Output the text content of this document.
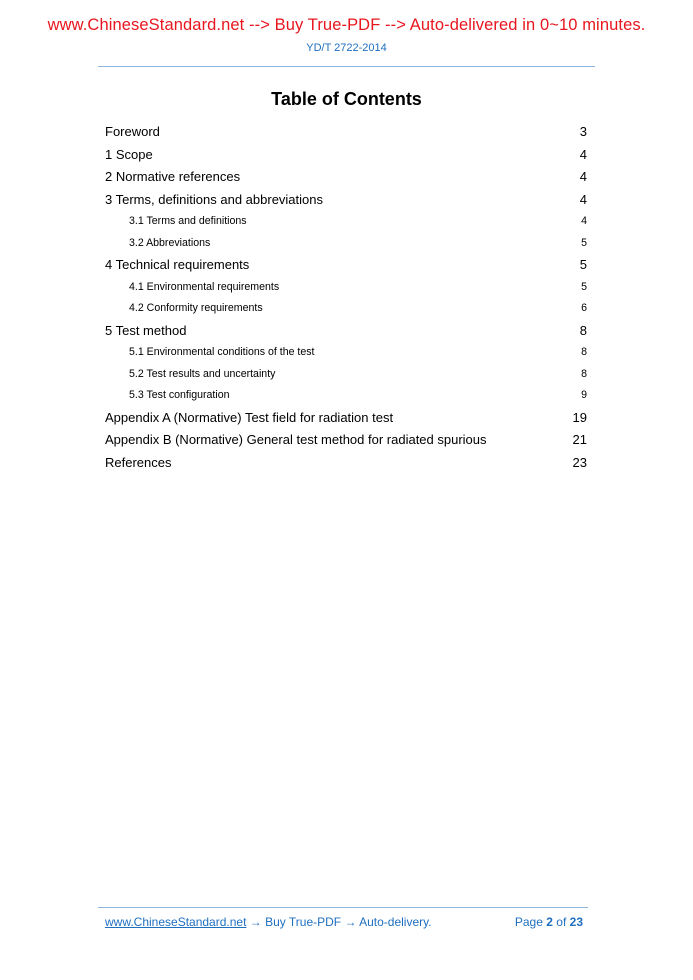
www.ChineseStandard.net --> Buy True-PDF --> Auto-delivered in 0~10 minutes.
YD/T 2722-2014
Table of Contents
Foreword	3
1 Scope	4
2 Normative references	4
3 Terms, definitions and abbreviations	4
3.1 Terms and definitions	4
3.2 Abbreviations	5
4 Technical requirements	5
4.1 Environmental requirements	5
4.2 Conformity requirements	6
5 Test method	8
5.1 Environmental conditions of the test	8
5.2 Test results and uncertainty	8
5.3 Test configuration	9
Appendix A (Normative) Test field for radiation test	19
Appendix B (Normative) General test method for radiated spurious	21
References	23
www.ChineseStandard.net → Buy True-PDF → Auto-delivery.	Page 2 of 23
